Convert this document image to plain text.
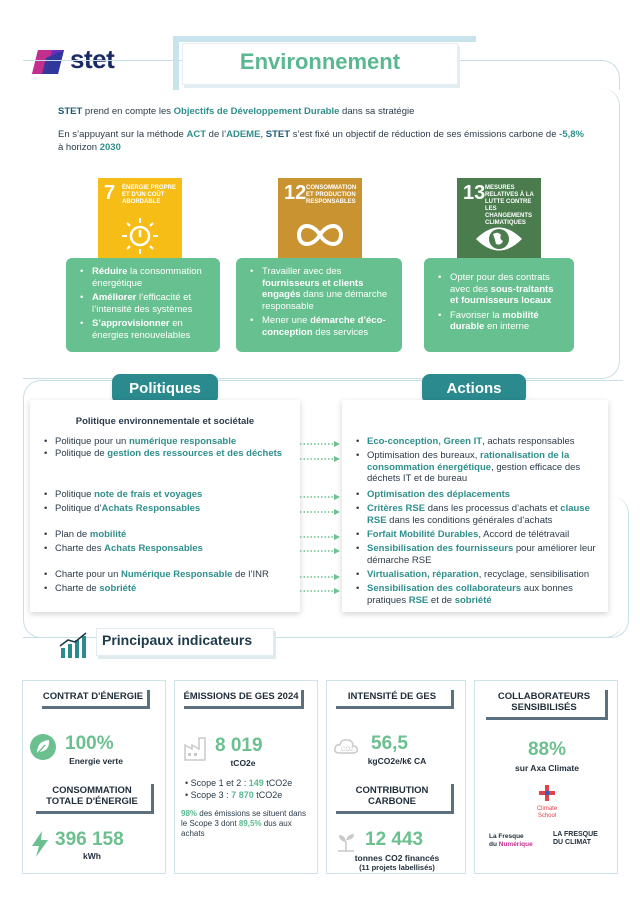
stet	Environnement

STET prend en compte les Objectifs de Développement Durable dans sa stratégie

En s’appuyant sur la méthode ACT de l’ADEME, STET s’est fixé un objectif de réduction de ses émissions carbone de -5,8% à horizon 2030

7 ÉNERGIE PROPRE ET D'UN COÛT ABORDABLE	12 CONSOMMATION ET PRODUCTION RESPONSABLES	13 MESURES RELATIVES À LA LUTTE CONTRE LES CHANGEMENTS CLIMATIQUES
• Réduire la consommation énergétique
• Améliorer l’efficacité et l’intensité des systèmes
• S’approvisionner en énergies renouvelables
• Travailler avec des fournisseurs et clients engagés dans une démarche responsable
• Mener une démarche d’éco-conception des services
• Opter pour des contrats avec des sous-traitants et fournisseurs locaux
• Favoriser la mobilité durable en interne
Politiques	Actions
Politique environnementale et sociétale
• Politique pour un numérique responsable
• Politique de gestion des ressources et des déchets
• Politique note de frais et voyages
• Politique d’Achats Responsables
• Plan de mobilité
• Charte des Achats Responsables
• Charte pour un Numérique Responsable de l’INR
• Charte de sobriété
• Eco-conception, Green IT, achats responsables
• Optimisation des bureaux, rationalisation de la consommation énergétique, gestion efficace des déchets IT et de bureau
• Optimisation des déplacements
• Critères RSE dans les processus d’achats et clause RSE dans les conditions générales d’achats
• Forfait Mobilité Durables, Accord de télétravail
• Sensibilisation des fournisseurs pour améliorer leur démarche RSE
• Virtualisation, réparation, recyclage, sensibilisation
• Sensibilisation des collaborateurs aux bonnes pratiques RSE et de sobriété
Principaux indicateurs
CONTRAT D'ÉNERGIE
100%
Energie verte
CONSOMMATION TOTALE D'ÉNERGIE
396 158
kWh
ÉMISSIONS DE GES 2024
8 019
tCO2e
• Scope 1 et 2 : 149 tCO2e
• Scope 3 : 7 870 tCO2e
98% des émissions se situent dans le Scope 3 dont 89,5% dus aux achats
INTENSITÉ DE GES
CO2 56,5
kgCO2e/k€ CA
CONTRIBUTION CARBONE
12 443
tonnes CO2 financés
(11 projets labellisés)
COLLABORATEURS SENSIBILISÉS
88%
sur Axa Climate
Climate School
La Fresque
du Numérique
LA FRESQUE
DU CLIMAT
